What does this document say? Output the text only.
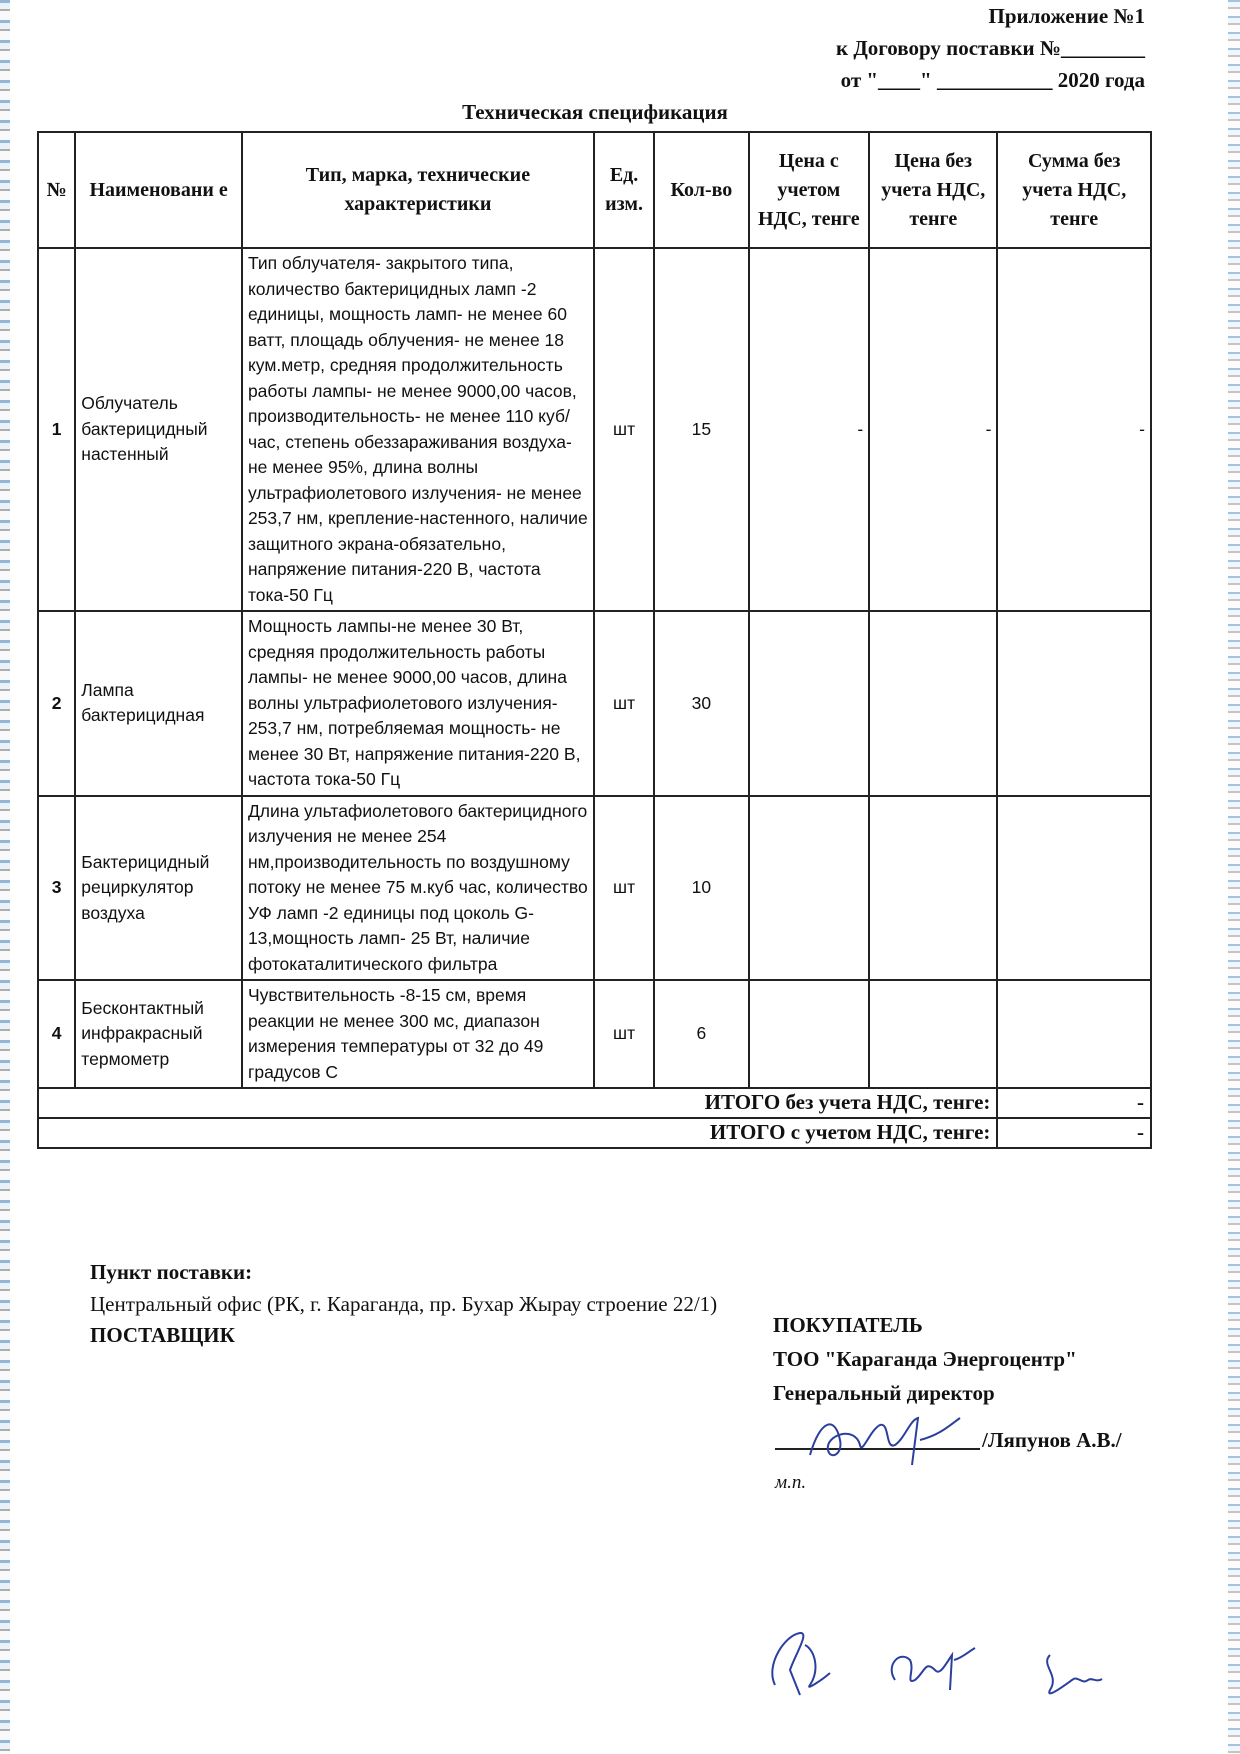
Приложение №1
к Договору поставки №________
от "____" ___________ 2020 года
Техническая спецификация
№	Наименовани е	Тип, марка, технические характеристики	Ед. изм.	Кол-во	Цена с учетом НДС, тенге	Цена без учета НДС, тенге	Сумма без учета НДС, тенге
1	Облучатель бактерицидный настенный	Тип облучателя- закрытого типа, количество бактерицидных ламп -2 единицы, мощность ламп- не менее 60 ватт, площадь облучения- не менее 18 кум.метр, средняя продолжительность работы лампы- не менее 9000,00 часов, производительность- не менее 110 куб/час, степень обеззараживания воздуха- не менее 95%, длина волны ультрафиолетового излучения- не менее 253,7 нм, крепление-настенного, наличие защитного экрана-обязательно, напряжение питания-220 В, частота тока-50 Гц	шт	15	-	-	-
2	Лампа бактерицидная	Мощность лампы-не менее 30 Вт, средняя продолжительность работы лампы- не менее 9000,00 часов, длина волны ультрафиолетового излучения- 253,7 нм, потребляемая мощность- не менее 30 Вт, напряжение питания-220 В, частота тока-50 Гц	шт	30			
3	Бактерицидный рециркулятор воздуха	Длина ультафиолетового бактерицидного излучения не менее 254 нм,производительность по воздушному потоку не менее 75 м.куб час, количество УФ ламп -2 единицы под цоколь G-13,мощность ламп- 25 Вт, наличие фотокаталитического фильтра	шт	10			
4	Бесконтактный инфракрасный термометр	Чувствительность -8-15 см, время реакции не менее 300 мс, диапазон измерения температуры от 32 до 49 градусов С	шт	6			
ИТОГО без учета НДС, тенге:							-
ИТОГО с учетом НДС, тенге:							-
Пункт поставки:
Центральный офис (РК, г. Караганда, пр. Бухар Жырау строение 22/1)
ПОСТАВЩИК	ПОКУПАТЕЛЬ
ТОО "Караганда Энергоцентр"
Генеральный директор
/Ляпунов А.В./
м.п.
